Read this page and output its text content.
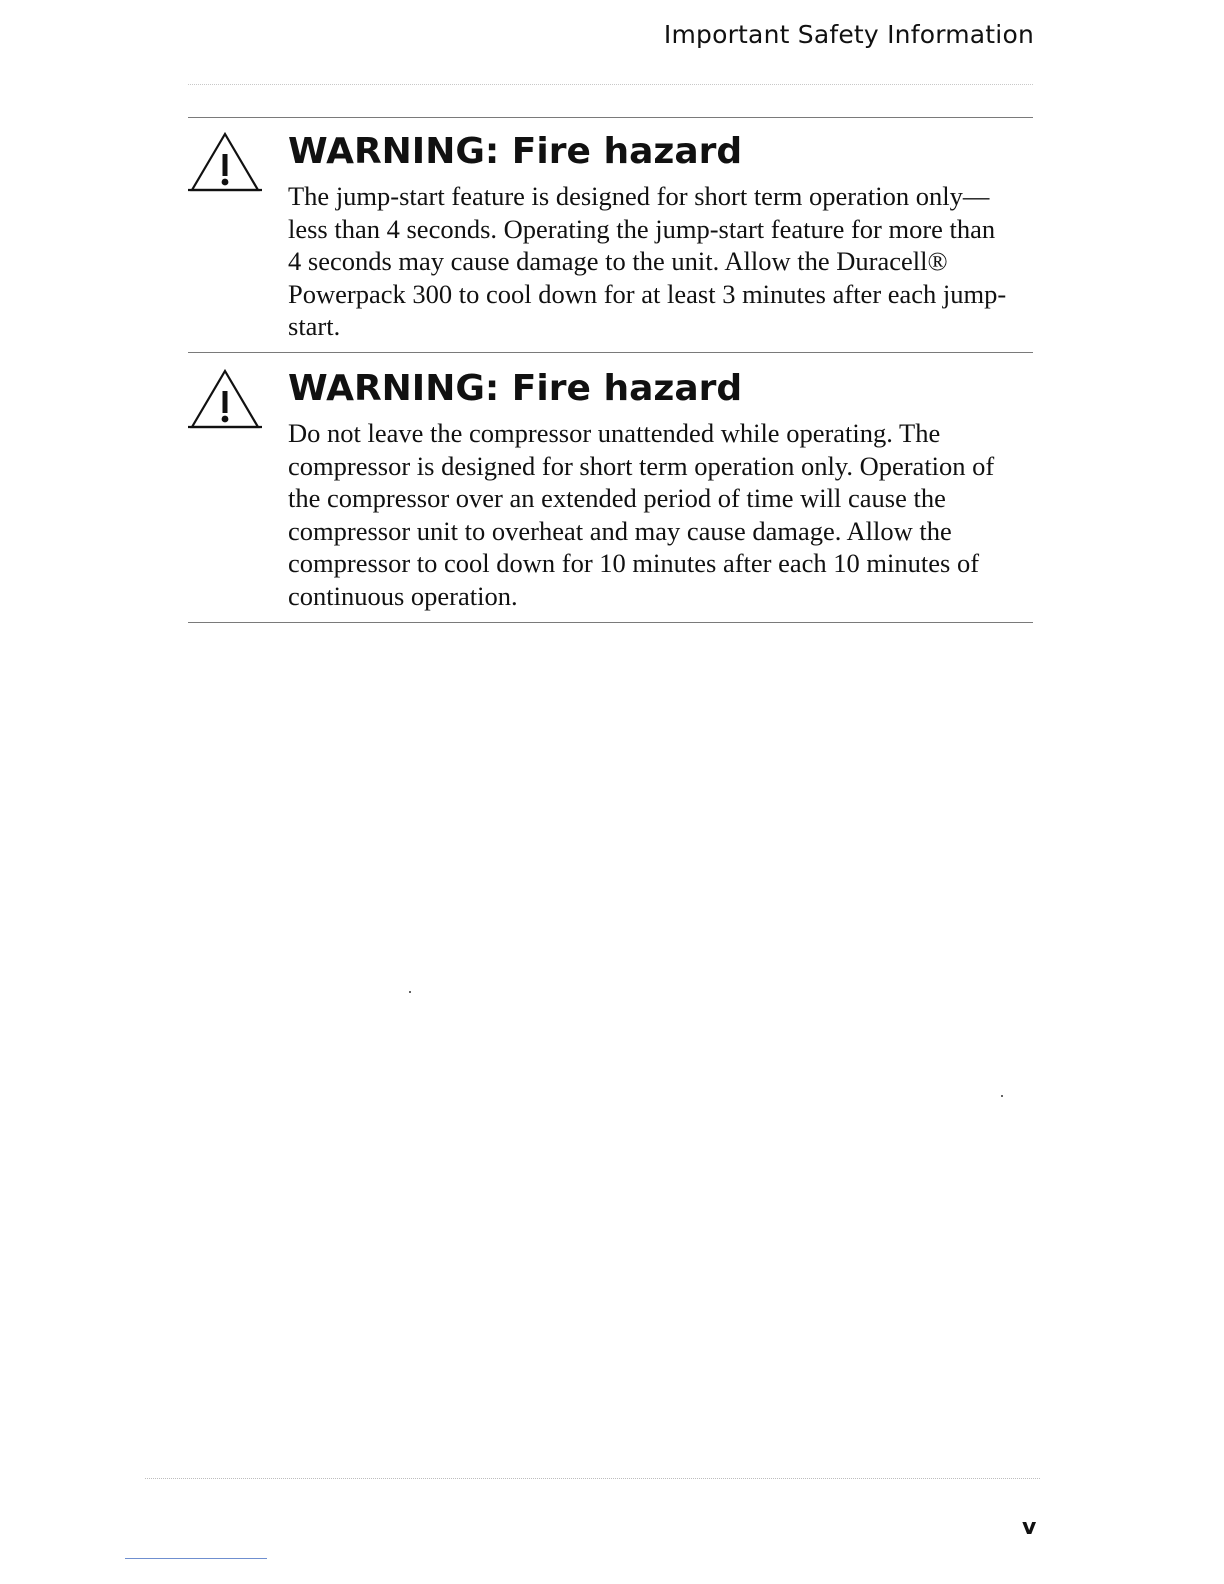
Important Safety Information
WARNING: Fire hazard

The jump-start feature is designed for short term operation only—
less than 4 seconds. Operating the jump-start feature for more than
4 seconds may cause damage to the unit. Allow the Duracell®
Powerpack 300 to cool down for at least 3 minutes after each jump-
start.

WARNING: Fire hazard

Do not leave the compressor unattended while operating. The
compressor is designed for short term operation only. Operation of
the compressor over an extended period of time will cause the
compressor unit to overheat and may cause damage. Allow the
compressor to cool down for 10 minutes after each 10 minutes of
continuous operation.

v
